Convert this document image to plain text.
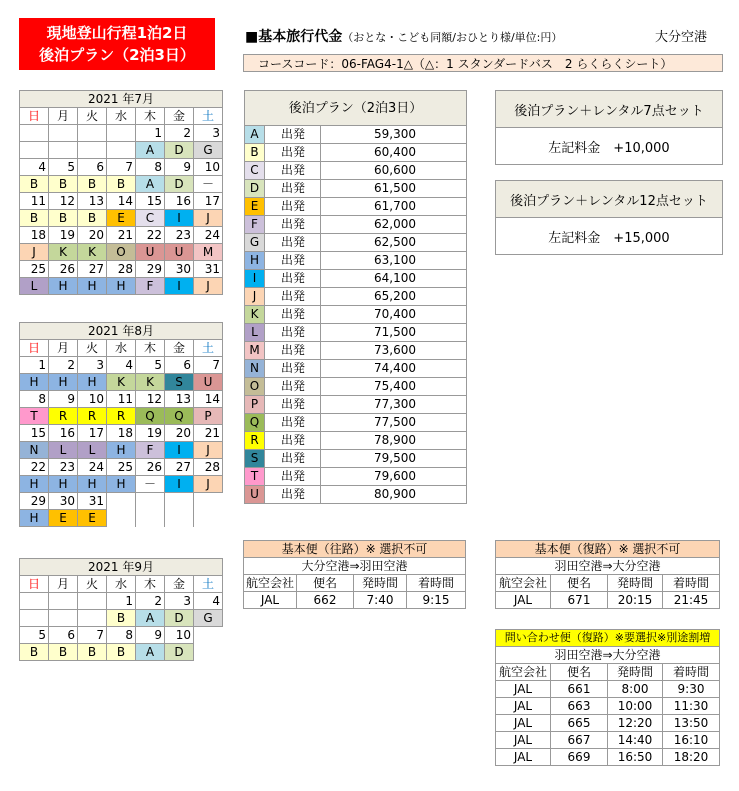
現地登山行程1泊2日
後泊プラン（2泊3日）
■基本旅行代金（おとな・こども同額/おひとり様/単位:円）	大分空港
コースコード：06-FAG4-1△（△：1 スタンダードバス　2 らくらくシート）
2021 年7月						
日	月	火	水	木	金	土
				1	2	3
				A	D	G
4	5	6	7	8	9	10
B	B	B	B	A	D	－
11	12	13	14	15	16	17
B	B	B	E	C	I	J
18	19	20	21	22	23	24
J	K	K	O	U	U	M
25	26	27	28	29	30	31
L	H	H	H	F	I	J
2021 年8月						
日	月	火	水	木	金	土
1	2	3	4	5	6	7
H	H	H	K	K	S	U
8	9	10	11	12	13	14
T	R	R	R	Q	Q	P
15	16	17	18	19	20	21
N	L	L	H	F	I	J
22	23	24	25	26	27	28
H	H	H	H	－	I	J
29	30	31				
H	E	E				
2021 年9月						
日	月	火	水	木	金	土
			1	2	3	4
			B	A	D	G
5	6	7	8	9	10	
B	B	B	B	A	D	
後泊プラン（2泊3日）		
A	出発	59,300
B	出発	60,400
C	出発	60,600
D	出発	61,500
E	出発	61,700
F	出発	62,000
G	出発	62,500
H	出発	63,100
I	出発	64,100
J	出発	65,200
K	出発	70,400
L	出発	71,500
M	出発	73,600
N	出発	74,400
O	出発	75,400
P	出発	77,300
Q	出発	77,500
R	出発	78,900
S	出発	79,500
T	出発	79,600
U	出発	80,900
後泊プラン＋レンタル7点セット
左記料金　+10,000
後泊プラン＋レンタル12点セット
左記料金　+15,000
基本便（往路）※ 選択不可			
大分空港⇒羽田空港			
航空会社	便名	発時間	着時間
JAL	662	7:40	9:15
基本便（復路）※ 選択不可			
羽田空港⇒大分空港			
航空会社	便名	発時間	着時間
JAL	671	20:15	21:45
問い合わせ便（復路）※要選択※別途割増			
羽田空港⇒大分空港			
航空会社	便名	発時間	着時間
JAL	661	8:00	9:30
JAL	663	10:00	11:30
JAL	665	12:20	13:50
JAL	667	14:40	16:10
JAL	669	16:50	18:20
